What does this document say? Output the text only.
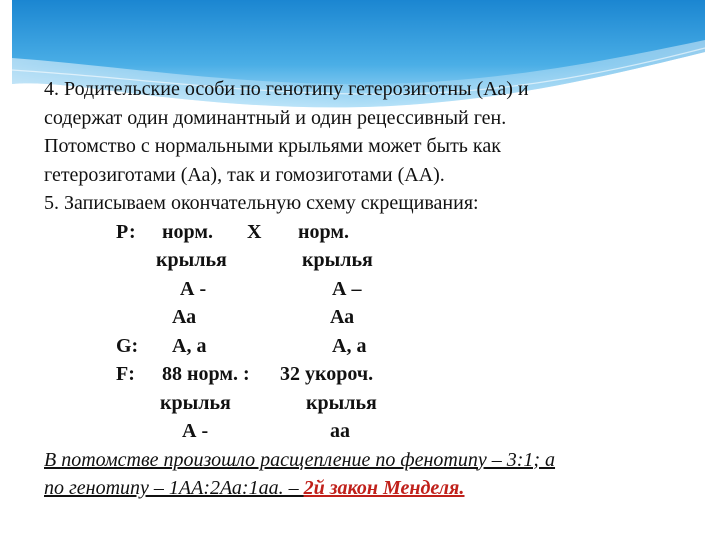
4. Родительские особи по генотипу гетерозиготны (Аа) и
содержат один доминантный и один рецессивный ген.
Потомство с нормальными крыльями может быть как
гетерозиготами (Аа), так и гомозиготами (АА).
5. Записываем окончательную схему скрещивания:
Р: норм. Х норм.
крылья	крылья
А -	А –
Аа	Аа
G: А, а	А, а
F: 88 норм. : 32 укороч.
крылья	крылья
А -	аа
В потомстве произошло расщепление по фенотипу – 3:1; а
по генотипу – 1АА:2Аа:1аа. – 2й закон Менделя.
